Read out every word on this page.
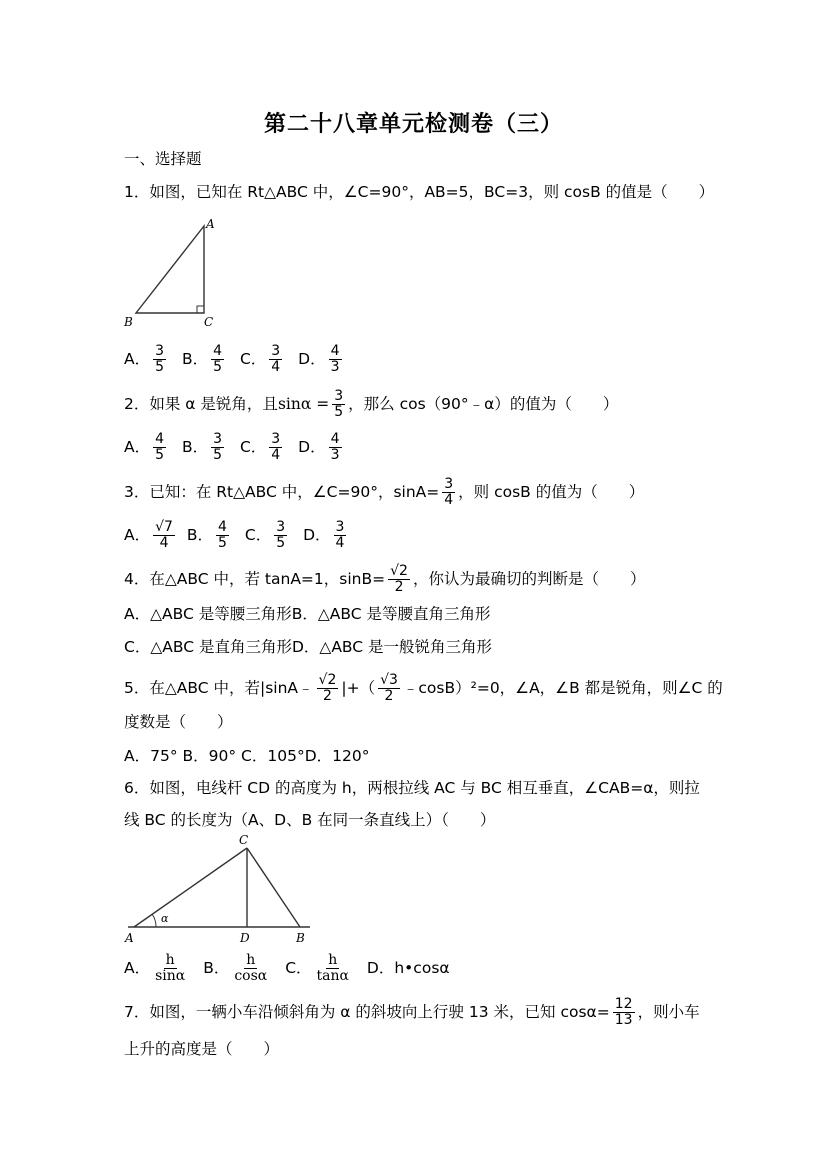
第二十八章单元检测卷（三）
一、选择题
1．如图，已知在 Rt△ABC 中，∠C=90°，AB=5，BC=3，则 cosB 的值是（　　）
A
B	C
A． $\frac{3}{5}$ B． $\frac{4}{5}$ C． $\frac{3}{4}$ D． $\frac{4}{3}$
2．如果 α 是锐角，且$\sin\alpha = \frac{3}{5}$ ，那么 cos（90°﹣α）的值为（　　）
A． $\frac{4}{5}$ B． $\frac{3}{5}$ C． $\frac{3}{4}$ D． $\frac{4}{3}$
3．已知：在 Rt△ABC 中，∠C=90°，$\sin A= \frac{3}{4}$ ，则 cosB 的值为（　　）
A． $\frac{√7}{4}$ B． $\frac{4}{5}$ C． $\frac{3}{5}$ D． $\frac{3}{4}$
4．在△ABC 中，若 tanA=1，$\sin B= \frac{√2}{2}$ ，你认为最确切的判断是（　　）
A．△ABC 是等腰三角形B．△ABC 是等腰直角三角形
C．△ABC 是直角三角形D．△ABC 是一般锐角三角形
5．在△ABC 中，若|sinA﹣ $\frac{√2}{2}$ |+（ $\frac{√3}{2}$ ﹣cosB）²=0，∠A，∠B 都是锐角，则∠C 的
度数是（　　）
A．75° B．90° C．105°D．120°
6．如图，电线杆 CD 的高度为 h，两根拉线 AC 与 BC 相互垂直，∠CAB=α，则拉
线 BC 的长度为（A、D、B 在同一条直线上）（　　）
α
C
A	D	B
A． $\frac{h}{\sin\alpha}$ B． $\frac{h}{\cos\alpha}$ C． $\frac{h}{\tan\alpha}$ D．h•cosα
7．如图，一辆小车沿倾斜角为 α 的斜坡向上行驶 13 米，已知 $\cos\alpha= \frac{12}{13}$ ，则小车
上升的高度是（　　）
